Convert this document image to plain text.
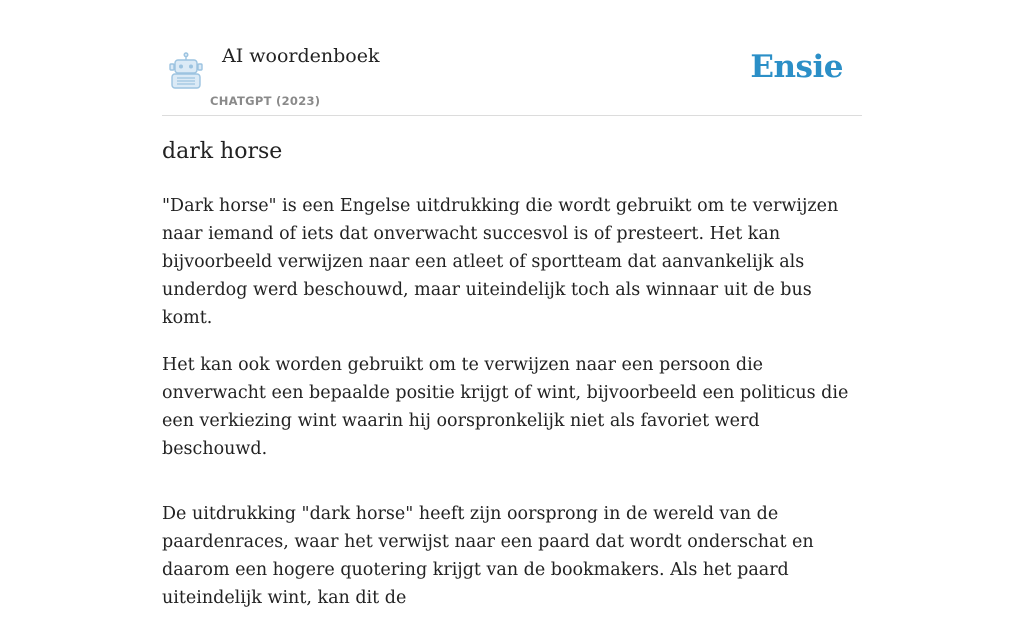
AI woordenboek
CHATGPT (2023)
Ensie
dark horse

"Dark horse" is een Engelse uitdrukking die wordt gebruikt om te verwijzen naar iemand of iets dat onverwacht succesvol is of presteert. Het kan bijvoorbeeld verwijzen naar een atleet of sportteam dat aanvankelijk als underdog werd beschouwd, maar uiteindelijk toch als winnaar uit de bus komt.

Het kan ook worden gebruikt om te verwijzen naar een persoon die onverwacht een bepaalde positie krijgt of wint, bijvoorbeeld een politicus die een verkiezing wint waarin hij oorspronkelijk niet als favoriet werd beschouwd.

De uitdrukking "dark horse" heeft zijn oorsprong in de wereld van de paardenraces, waar het verwijst naar een paard dat wordt onderschat en daarom een hogere quotering krijgt van de bookmakers. Als het paard uiteindelijk wint, kan dit de
